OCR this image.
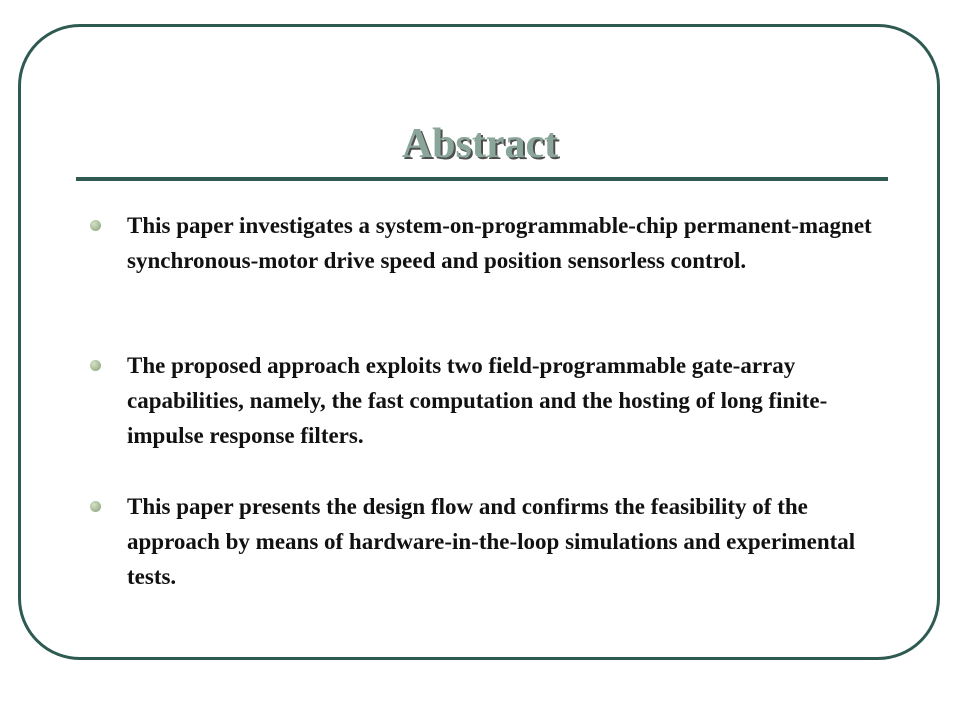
Abstract
This paper investigates a system-on-programmable-chip permanent-magnet synchronous-motor drive speed and position sensorless control.
The proposed approach exploits two field-programmable gate-array capabilities, namely, the fast computation and the hosting of long finite-impulse response filters.
This paper presents the design flow and confirms the feasibility of the approach by means of hardware-in-the-loop simulations and experimental tests.
